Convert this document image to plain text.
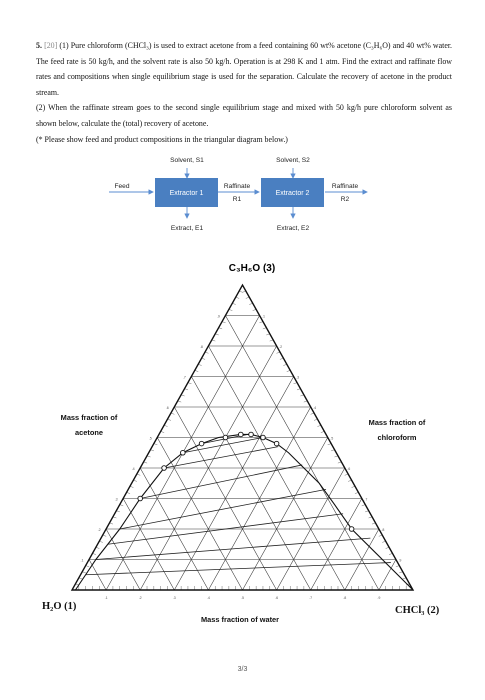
5. [20] (1) Pure chloroform (CHCl₃) is used to extract acetone from a feed containing 60 wt% acetone (C₃H₆O) and 40 wt% water. The feed rate is 50 kg/h, and the solvent rate is also 50 kg/h. Operation is at 298 K and 1 atm. Find the extract and raffinate flow rates and compositions when single equilibrium stage is used for the separation. Calculate the recovery of acetone in the product stream.

(2) When the raffinate stream goes to the second single equilibrium stage and mixed with 50 kg/h pure chloroform solvent as shown below, calculate the (total) recovery of acetone.

(* Please show feed and product compositions in the triangular diagram below.)

Extractor 1	Extractor 2
Solvent, S1	Solvent, S2
Feed	Raffinate
R1
Raffinate
R2
Extract, E1	Extract, E2
.1
.1
.1
.2
.2
.2
.3
.3
.3
.4
.4
.4
.5	.5
.5
.6
.6
.6
.7
.7
.7
.8
.8
.8
.9
.9
.9
C₃H₆O (3)
Mass fraction of
acetone
Mass fraction of
chloroform
Mass fraction of water
H₂O (1)	CHCl₃ (2)
3/3
